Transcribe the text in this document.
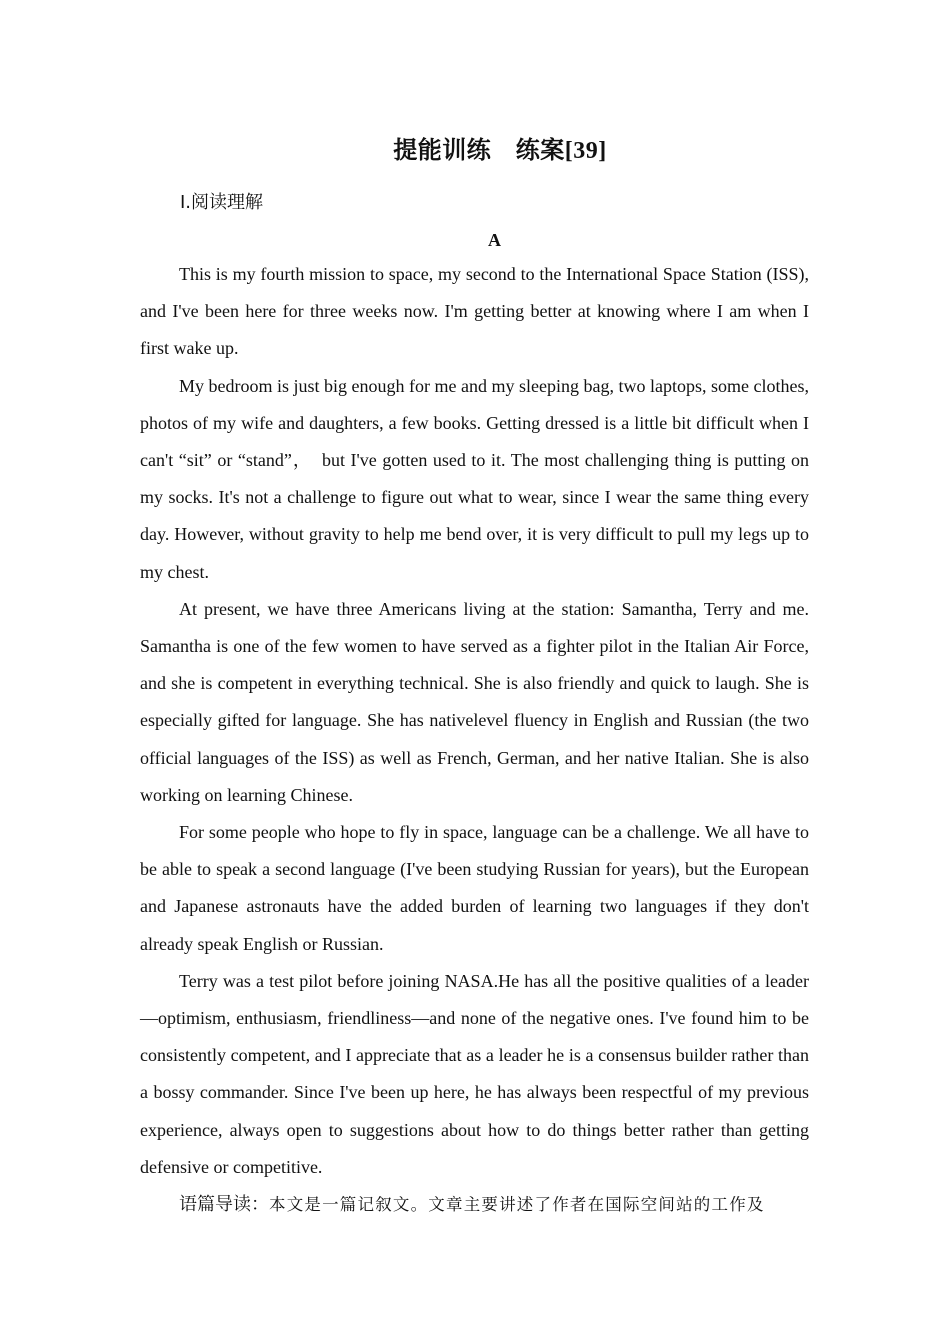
提能训练　练案[39]
Ⅰ.阅读理解
A

This is my fourth mission to space, my second to the International Space Station (ISS), and I've been here for three weeks now. I'm getting better at knowing where I am when I first wake up.

My bedroom is just big enough for me and my sleeping bag, two laptops, some clothes, photos of my wife and daughters, a few books. Getting dressed is a little bit difficult when I can't “sit” or “stand”，　but I've gotten used to it. The most challenging thing is putting on my socks. It's not a challenge to figure out what to wear, since I wear the same thing every day. However, without gravity to help me bend over, it is very difficult to pull my legs up to my chest.

At present, we have three Americans living at the station: Samantha, Terry and me. Samantha is one of the few women to have served as a fighter pilot in the Italian Air Force, and she is competent in everything technical. She is also friendly and quick to laugh. She is especially gifted for language. She has nativelevel fluency in English and Russian (the two official languages of the ISS) as well as French, German, and her native Italian. She is also working on learning Chinese.

For some people who hope to fly in space, language can be a challenge. We all have to be able to speak a second language (I've been studying Russian for years), but the European and Japanese astronauts have the added burden of learning two languages if they don't already speak English or Russian.

Terry was a test pilot before joining NASA.He has all the positive qualities of a leader—optimism, enthusiasm, friendliness—and none of the negative ones. I've found him to be consistently competent, and I appreciate that as a leader he is a consensus builder rather than a bossy commander. Since I've been up here, he has always been respectful of my previous experience, always open to suggestions about how to do things better rather than getting defensive or competitive.

语篇导读：本文是一篇记叙文。文章主要讲述了作者在国际空间站的工作及
